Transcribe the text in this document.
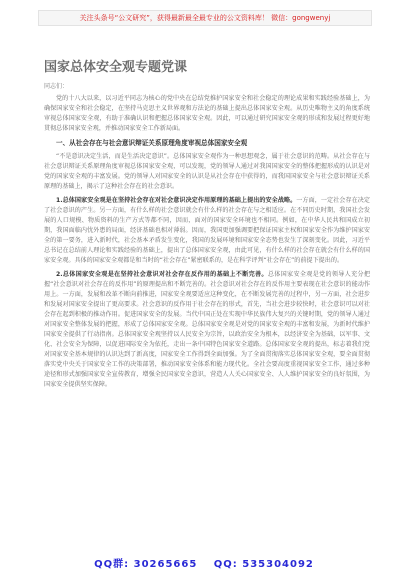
关注头条号“公文研究”，获得最新最全最专业的公文资料库！ 微信：gongwenyj
国家总体安全观专题党课

同志们：

党的十八大以来，以习近平同志为核心的党中央在总结党推护国家安全和社会稳定的理论成果和实践经验基础上，为确保国家安全和社会稳定，在坚持马克思主义世界观和方法论的基础上提出总体国家安全观。从历史唯物主义的角度系统审视总体国家安全观，有助于准确认识和把握总体国家安全观。因此，可以通过研究国家安全观的形成和发展过程更好地贯彻总体国家安全观，并推动国家安全工作新局面。

一、从社会存在与社会意识辩证关系原理角度审视总体国家安全观

“不是意识决定生活，而是生活决定意识”。总体国家安全观作为一种思想观念，属于社会意识的范畴。从社会存在与社会意识辩证关系原理角度审视总体国家安全观，可以发现，党的领导人通过对我国国家安全的整体把握形成的认识是对党的国家安全观的丰富发展。党的领导人对国家安全的认识是从社会存在中获得的，而我国国家安全与社会意识辩证关系原理的基础上，揭示了这种社会存在的社会意识。

1.总体国家安全观是在坚持社会存在对社会意识决定作用原理的基础上提出的安全战略。一方面，一定社会存在决定了社会意识的产生。另一方面，有什么样的社会意识就会有什么样的社会存在与之相适应。在不同历史时期，我国社会发展的人口规模、物质资料的生产方式等都不同，因而，面对的国家安全环境也不相同。例如，在中华人民共和国成立初期，我国面临内忧外患的局面，经济基础也相对薄弱。因而，我国更加强调要把保证国家主权和国家安全作为维护国家安全的第一要务，进入新时代，社会基本矛盾发生变化，我国的发展环境和国家安全态势也发生了深刻变化。因此，习近平总书记在总结前人理论和实践经验的基础上，提出了总体国家安全观，由此可见，有什么样的社会存在就会有什么样的国家安全观。具体的国家安全观都是和当时的“社会存在”紧密联系的，是在科学评判“社会存在”的前提下提出的。

2.总体国家安全观是在坚持社会意识对社会存在反作用的基础上不断完善。总体国家安全观是党的领导人充分把握“社会意识对社会存在的反作用”的原理提出和不断完善的。社会意识对社会存在的反作用主要表现在社会意识的能动作用上。一方面，发展和改革不断向前推进，国家安全观要适应这种变化，在不断发展完善的过程中，另一方面，社会进步和发展对国家安全提出了更高要求。社会意识的反作用于社会存在的形式，首先，当社会进步较快时，社会意识可以对社会存在起到积极的推动作用。促进国家安全的发展。当代中国正处在实现中华民族伟大复兴的关键时期，党的领导人通过对国家安全整体发展的把握，形成了总体国家安全观。总体国家安全观是对党的国家安全观的丰富和发展，为新时代维护国家安全提供了行动指南。总体国家安全观坚持以人民安全为宗旨，以政治安全为根本，以经济安全为基础，以军事、文化、社会安全为保障，以促进国际安全为依托，走出一条中国特色国家安全道路。总体国家安全观的提出，标志着我们党对国家安全基本规律的认识达到了新高度，国家安全工作得到全面加强。为了全面贯彻落实总体国家安全观，要全面贯彻落实党中央关于国家安全工作的决策部署，推动国家安全体系和能力现代化。全社会要高度重视国家安全工作，通过多种途径和形式加强国家安全宣传教育，增强全民国家安全意识，营造人人关心国家安全、人人维护国家安全的良好氛围，为国家安全提供坚实保障。

QQ群: 30265665 QQ: 535304092
